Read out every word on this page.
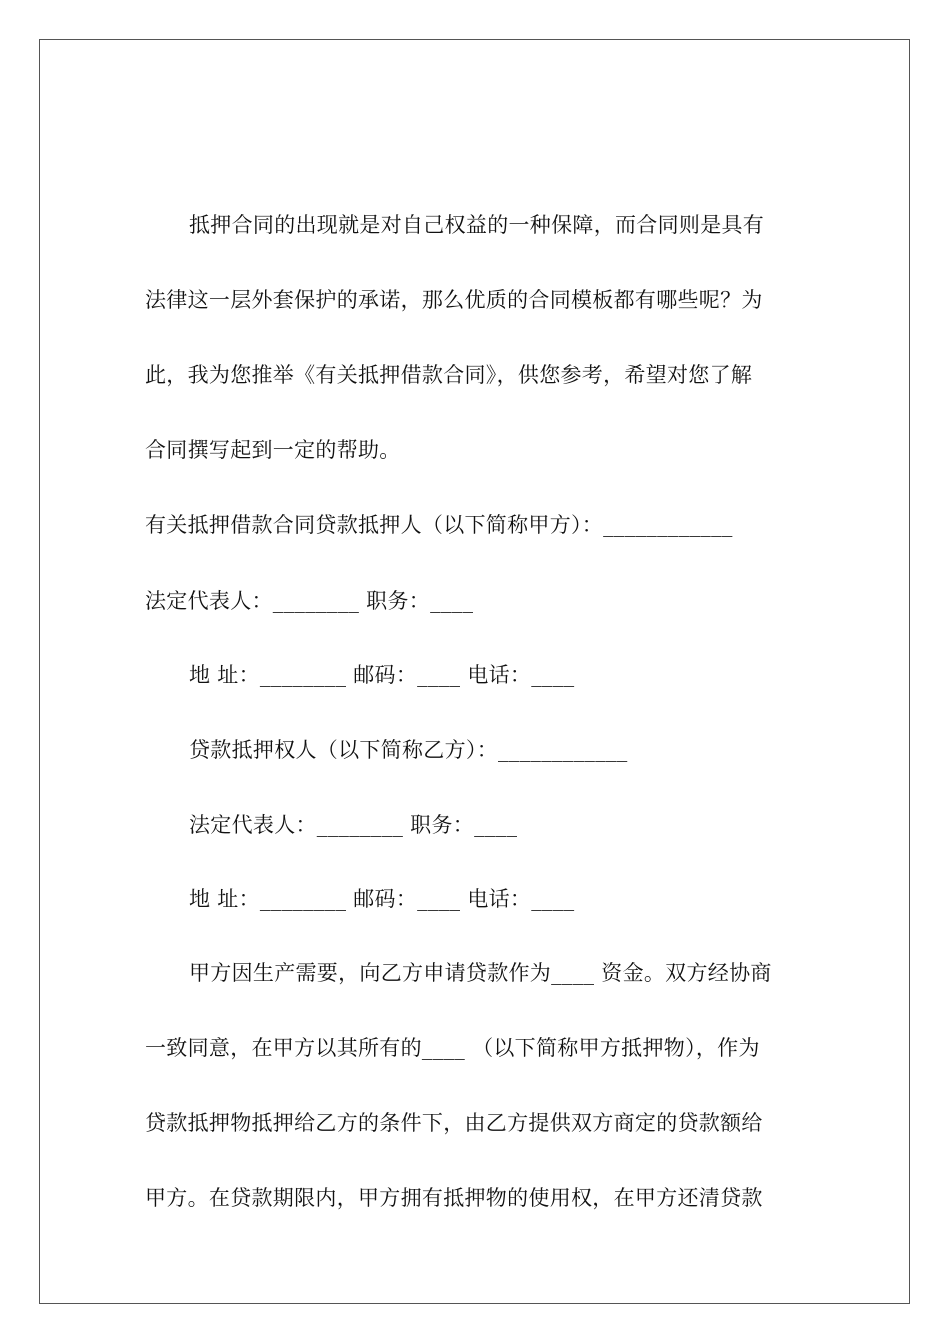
抵押合同的出现就是对自己权益的一种保障，而合同则是具有
法律这一层外套保护的承诺，那么优质的合同模板都有哪些呢？为
此，我为您推举《有关抵押借款合同》，供您参考，希望对您了解
合同撰写起到一定的帮助。
有关抵押借款合同贷款抵押人（以下简称甲方）：____________
法定代表人：________ 职务：____
地 址：________ 邮码：____ 电话：____
贷款抵押权人（以下简称乙方）：____________
法定代表人：________ 职务：____
地 址：________ 邮码：____ 电话：____
甲方因生产需要，向乙方申请贷款作为____ 资金。双方经协商
一致同意，在甲方以其所有的____ （以下简称甲方抵押物），作为
贷款抵押物抵押给乙方的条件下，由乙方提供双方商定的贷款额给
甲方。在贷款期限内，甲方拥有抵押物的使用权，在甲方还清贷款
